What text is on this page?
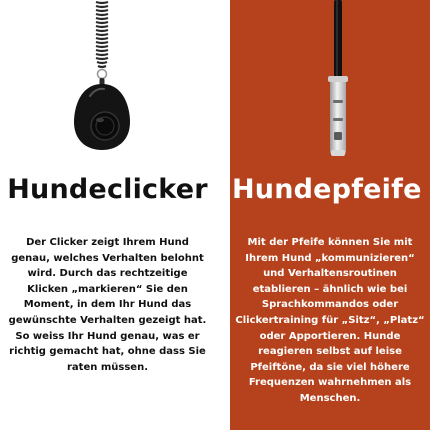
Hundeclicker
Der Clicker zeigt Ihrem Hund genau, welches Verhalten belohnt wird. Durch das rechtzeitige Klicken „markieren“ Sie den Moment, in dem Ihr Hund das gewünschte Verhalten gezeigt hat. So weiss Ihr Hund genau, was er richtig gemacht hat, ohne dass Sie raten müssen.
Hundepfeife
Mit der Pfeife können Sie mit Ihrem Hund „kommunizieren“ und Verhaltensroutinen etablieren – ähnlich wie bei Sprachkommandos oder Clickertraining für „Sitz“, „Platz“ oder Apportieren. Hunde reagieren selbst auf leise Pfeiftöne, da sie viel höhere Frequenzen wahrnehmen als Menschen.
